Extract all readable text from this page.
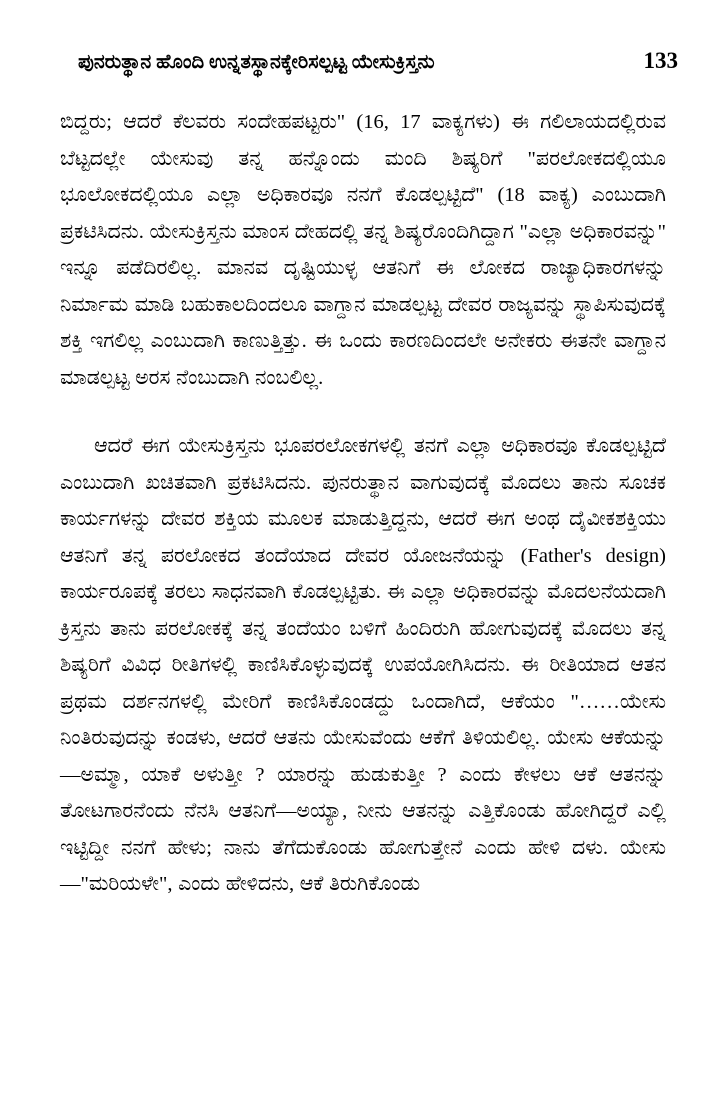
ಪುನರುತ್ಥಾನ ಹೊಂದಿ ಉನ್ನತಸ್ಥಾನಕ್ಕೇರಿಸಲ್ಪಟ್ಟ ಯೇಸುಕ್ರಿಸ್ತನು	133

ಬಿದ್ದರು; ಆದರೆ ಕೆಲವರು ಸಂದೇಹಪಟ್ಟರು" (16, 17 ವಾಕ್ಯಗಳು) ಈ ಗಲಿಲಾಯದಲ್ಲಿರುವ ಬೆಟ್ಟದಲ್ಲೇ ಯೇಸುವು ತನ್ನ ಹನ್ನೊಂದು ಮಂದಿ ಶಿಷ್ಯರಿಗೆ "ಪರಲೋಕದಲ್ಲಿಯೂ ಭೂಲೋಕದಲ್ಲಿಯೂ ಎಲ್ಲಾ ಅಧಿಕಾರವೂ ನನಗೆ ಕೊಡಲ್ಪಟ್ಟಿದೆ" (18 ವಾಕ್ಯ) ಎಂಬುದಾಗಿ ಪ್ರಕಟಿಸಿದನು. ಯೇಸುಕ್ರಿಸ್ತನು ಮಾಂಸ ದೇಹದಲ್ಲಿ ತನ್ನ ಶಿಷ್ಯರೊಂದಿಗಿದ್ದಾಗ "ಎಲ್ಲಾ ಅಧಿಕಾರವನ್ನು" ಇನ್ನೂ ಪಡೆದಿರಲಿಲ್ಲ. ಮಾನವ ದೃಷ್ಟಿಯುಳ್ಳ ಆತನಿಗೆ ಈ ಲೋಕದ ರಾಜ್ಯಾಧಿಕಾರಗಳನ್ನು ನಿರ್ಮಾಮ ಮಾಡಿ ಬಹುಕಾಲದಿಂದಲೂ ವಾಗ್ದಾನ ಮಾಡಲ್ಪಟ್ಟ ದೇವರ ರಾಜ್ಯವನ್ನು ಸ್ಥಾಪಿಸುವುದಕ್ಕೆ ಶಕ್ತಿ ಇಗಲಿಲ್ಲ ಎಂಬುದಾಗಿ ಕಾಣುತ್ತಿತ್ತು. ಈ ಒಂದು ಕಾರಣದಿಂದಲೇ ಅನೇಕರು ಈತನೇ ವಾಗ್ದಾನ ಮಾಡಲ್ಪಟ್ಟ ಅರಸ ನೆಂಬುದಾಗಿ ನಂಬಲಿಲ್ಲ.

ಆದರೆ ಈಗ ಯೇಸುಕ್ರಿಸ್ತನು ಭೂಪರಲೋಕಗಳಲ್ಲಿ ತನಗೆ ಎಲ್ಲಾ ಅಧಿಕಾರವೂ ಕೊಡಲ್ಪಟ್ಟಿದೆ ಎಂಬುದಾಗಿ ಖಚಿತವಾಗಿ ಪ್ರಕಟಿಸಿದನು. ಪುನರುತ್ಥಾನ ವಾಗುವುದಕ್ಕೆ ಮೊದಲು ತಾನು ಸೂಚಕ ಕಾರ್ಯಗಳನ್ನು ದೇವರ ಶಕ್ತಿಯ ಮೂಲಕ ಮಾಡುತ್ತಿದ್ದನು, ಆದರೆ ಈಗ ಅಂಥ ದೈವೀಕಶಕ್ತಿಯು ಆತನಿಗೆ ತನ್ನ ಪರಲೋಕದ ತಂದೆಯಾದ ದೇವರ ಯೋಜನೆಯನ್ನು (Father's design) ಕಾರ್ಯರೂಪಕ್ಕೆ ತರಲು ಸಾಧನವಾಗಿ ಕೊಡಲ್ಪಟ್ಟಿತು. ಈ ಎಲ್ಲಾ ಅಧಿಕಾರವನ್ನು ಮೊದಲನೆಯದಾಗಿ ಕ್ರಿಸ್ತನು ತಾನು ಪರಲೋಕಕ್ಕೆ ತನ್ನ ತಂದೆಯಂ ಬಳಿಗೆ ಹಿಂದಿರುಗಿ ಹೋಗುವುದಕ್ಕೆ ಮೊದಲು ತನ್ನ ಶಿಷ್ಯರಿಗೆ ವಿವಿಧ ರೀತಿಗಳಲ್ಲಿ ಕಾಣಿಸಿಕೊಳ್ಳುವುದಕ್ಕೆ ಉಪಯೋಗಿಸಿದನು. ಈ ರೀತಿಯಾದ ಆತನ ಪ್ರಥಮ ದರ್ಶನಗಳಲ್ಲಿ ಮೇರಿಗೆ ಕಾಣಿಸಿಕೊಂಡದ್ದು ಒಂದಾಗಿದೆ, ಆಕೆಯಂ "……ಯೇಸು ನಿಂತಿರುವುದನ್ನು ಕಂಡಳು, ಆದರೆ ಆತನು ಯೇಸುವೆಂದು ಆಕೆಗೆ ತಿಳಿಯಲಿಲ್ಲ. ಯೇಸು ಆಕೆಯನ್ನು—ಅಮ್ಮಾ, ಯಾಕೆ ಅಳುತ್ತೀ ? ಯಾರನ್ನು ಹುಡುಕುತ್ತೀ ? ಎಂದು ಕೇಳಲು ಆಕೆ ಆತನನ್ನು ತೋಟಗಾರನೆಂದು ನೆನಸಿ ಆತನಿಗೆ—ಅಯ್ಯಾ, ನೀನು ಆತನನ್ನು ಎತ್ತಿಕೊಂಡು ಹೋಗಿದ್ದರೆ ಎಲ್ಲಿ ಇಟ್ಟಿದ್ದೀ ನನಗೆ ಹೇಳು; ನಾನು ತೆಗೆದುಕೊಂಡು ಹೋಗುತ್ತೇನೆ ಎಂದು ಹೇಳಿ ದಳು. ಯೇಸು—"ಮರಿಯಳೇ", ಎಂದು ಹೇಳಿದನು, ಆಕೆ ತಿರುಗಿಕೊಂಡು
